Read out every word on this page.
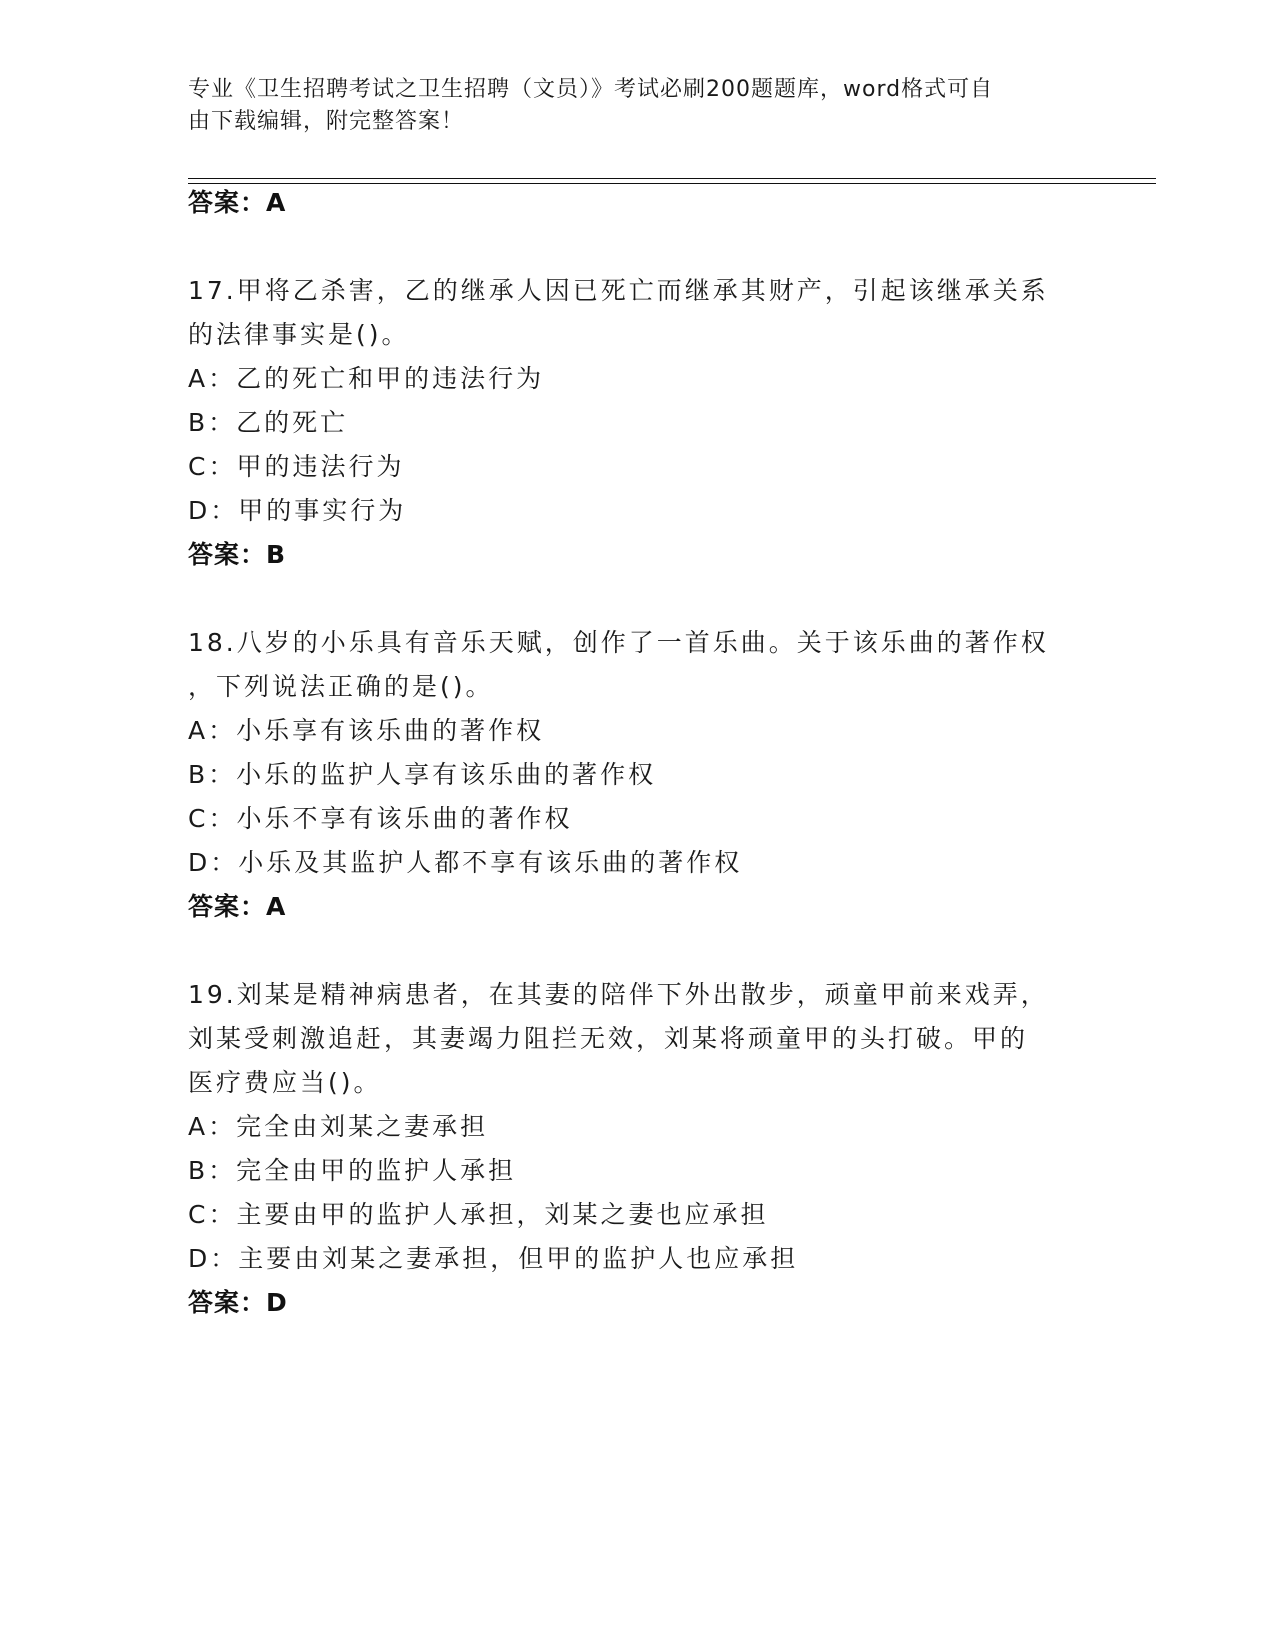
专业《卫生招聘考试之卫生招聘（文员）》考试必刷200题题库，word格式可自
由下载编辑，附完整答案！
答案：A
17.甲将乙杀害，乙的继承人因已死亡而继承其财产，引起该继承关系
的法律事实是()。
A：乙的死亡和甲的违法行为
B：乙的死亡
C：甲的违法行为
D：甲的事实行为
答案：B
18.八岁的小乐具有音乐天赋，创作了一首乐曲。关于该乐曲的著作权
，下列说法正确的是()。
A：小乐享有该乐曲的著作权
B：小乐的监护人享有该乐曲的著作权
C：小乐不享有该乐曲的著作权
D：小乐及其监护人都不享有该乐曲的著作权
答案：A
19.刘某是精神病患者，在其妻的陪伴下外出散步，顽童甲前来戏弄，
刘某受刺激追赶，其妻竭力阻拦无效，刘某将顽童甲的头打破。甲的
医疗费应当()。
A：完全由刘某之妻承担
B：完全由甲的监护人承担
C：主要由甲的监护人承担，刘某之妻也应承担
D：主要由刘某之妻承担，但甲的监护人也应承担
答案：D
